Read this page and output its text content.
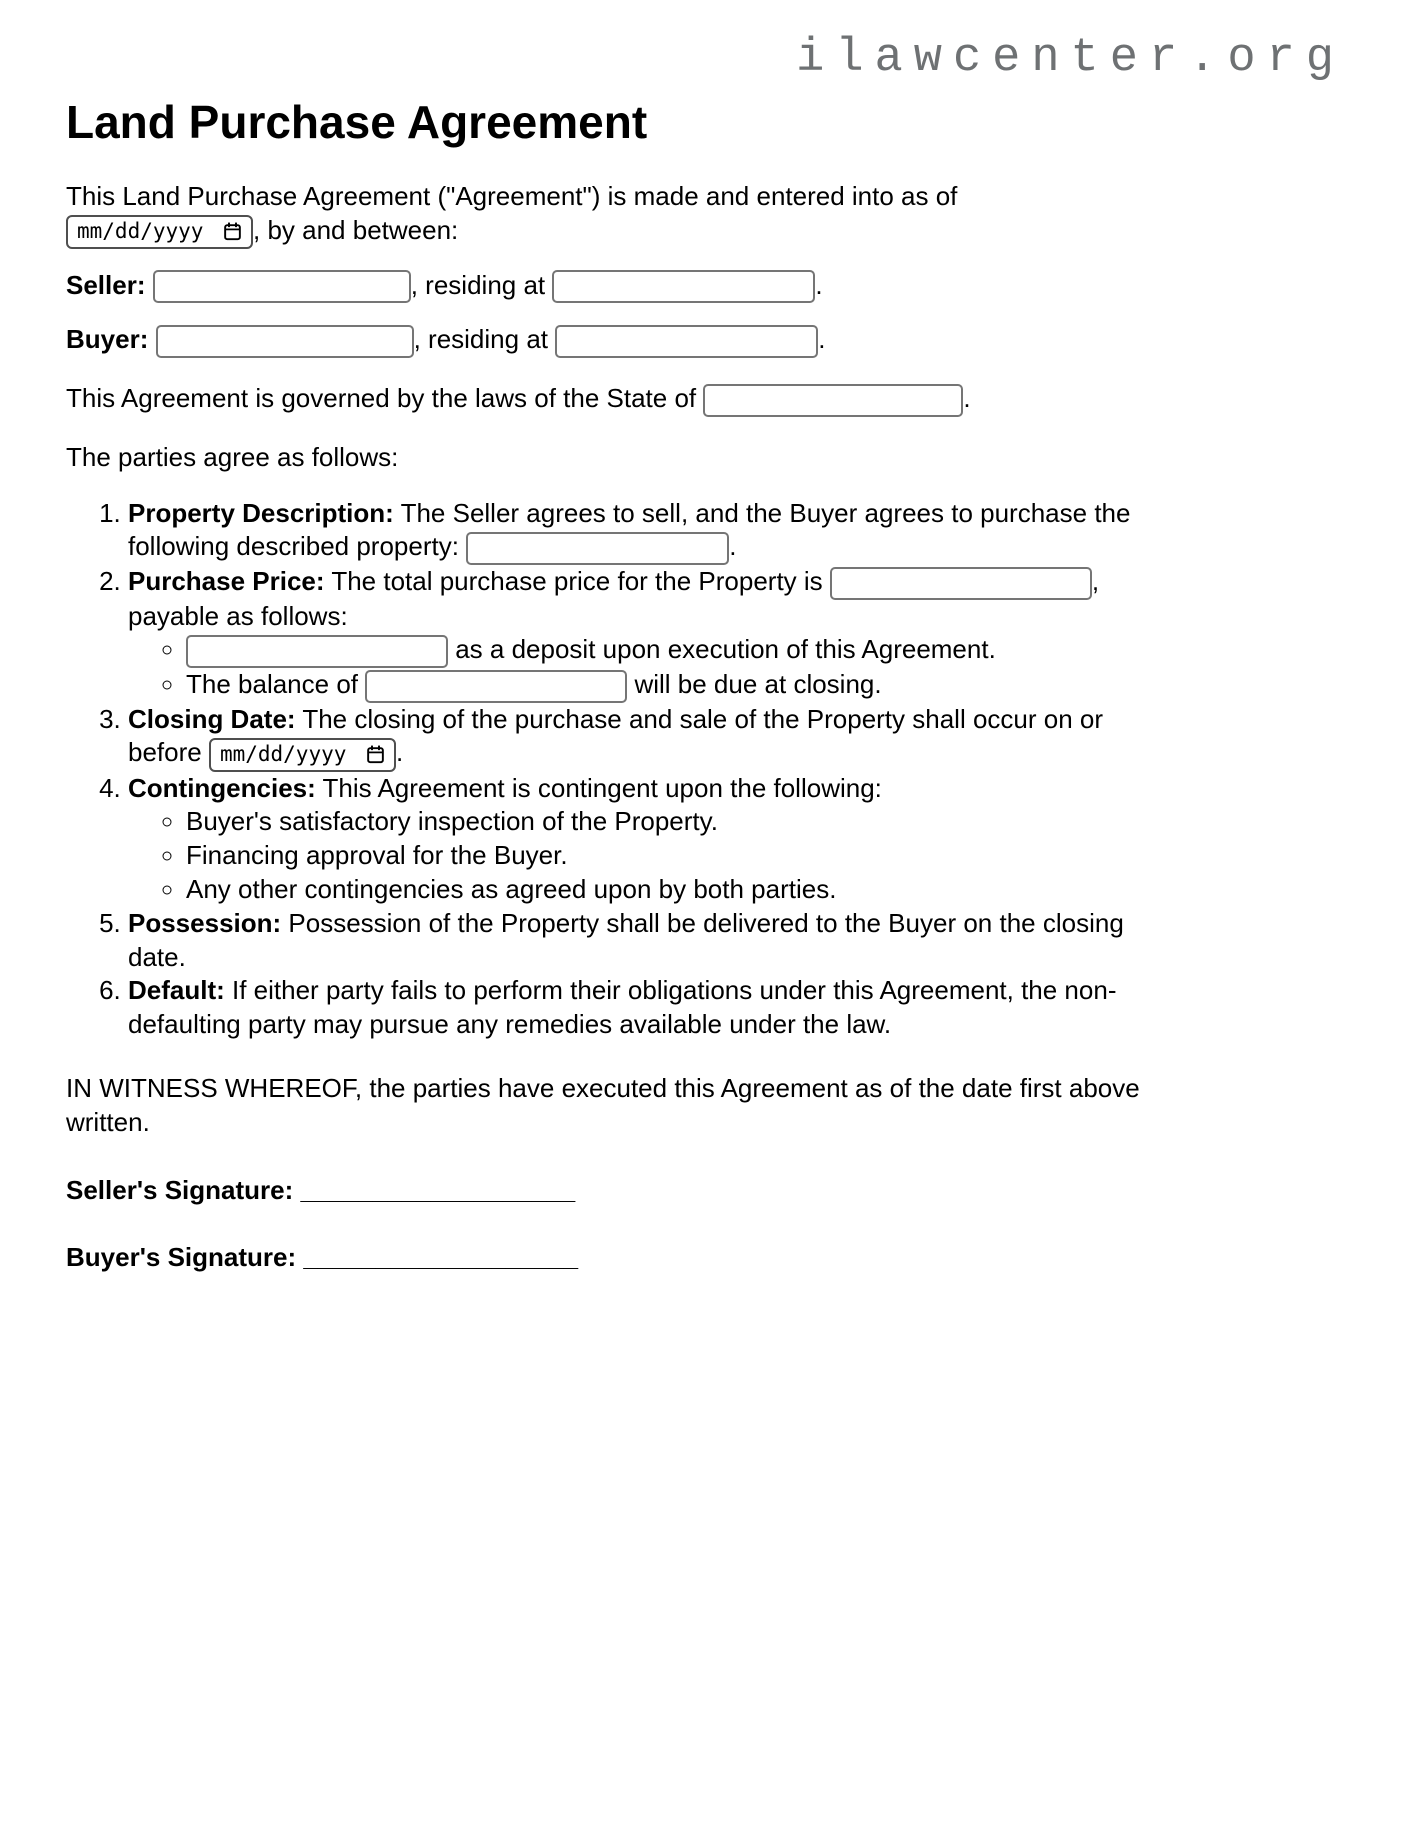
ilawcenter.org
Land Purchase Agreement

This Land Purchase Agreement ("Agreement") is made and entered into as of

mm/dd/yyyy , by and between:

Seller:	, residing at	.

Buyer:	, residing at	.

This Agreement is governed by the laws of the State of	.

The parties agree as follows:

1. Property Description: The Seller agrees to sell, and the Buyer agrees to purchase the following described property:	.
2. Purchase Price: The total purchase price for the Property is	, payable as follows:
◦ as a deposit upon execution of this Agreement.
◦ The balance of	will be due at closing.
3. Closing Date: The closing of the purchase and sale of the Property shall occur on or before mm/dd/yyyy .
4. Contingencies: This Agreement is contingent upon the following:
◦ Buyer's satisfactory inspection of the Property.
◦ Financing approval for the Buyer.
◦ Any other contingencies as agreed upon by both parties.
5. Possession: Possession of the Property shall be delivered to the Buyer on the closing date.
6. Default: If either party fails to perform their obligations under this Agreement, the non-defaulting party may pursue any remedies available under the law.

IN WITNESS WHEREOF, the parties have executed this Agreement as of the date first above written.

Seller's Signature: ___________________

Buyer's Signature: ___________________
